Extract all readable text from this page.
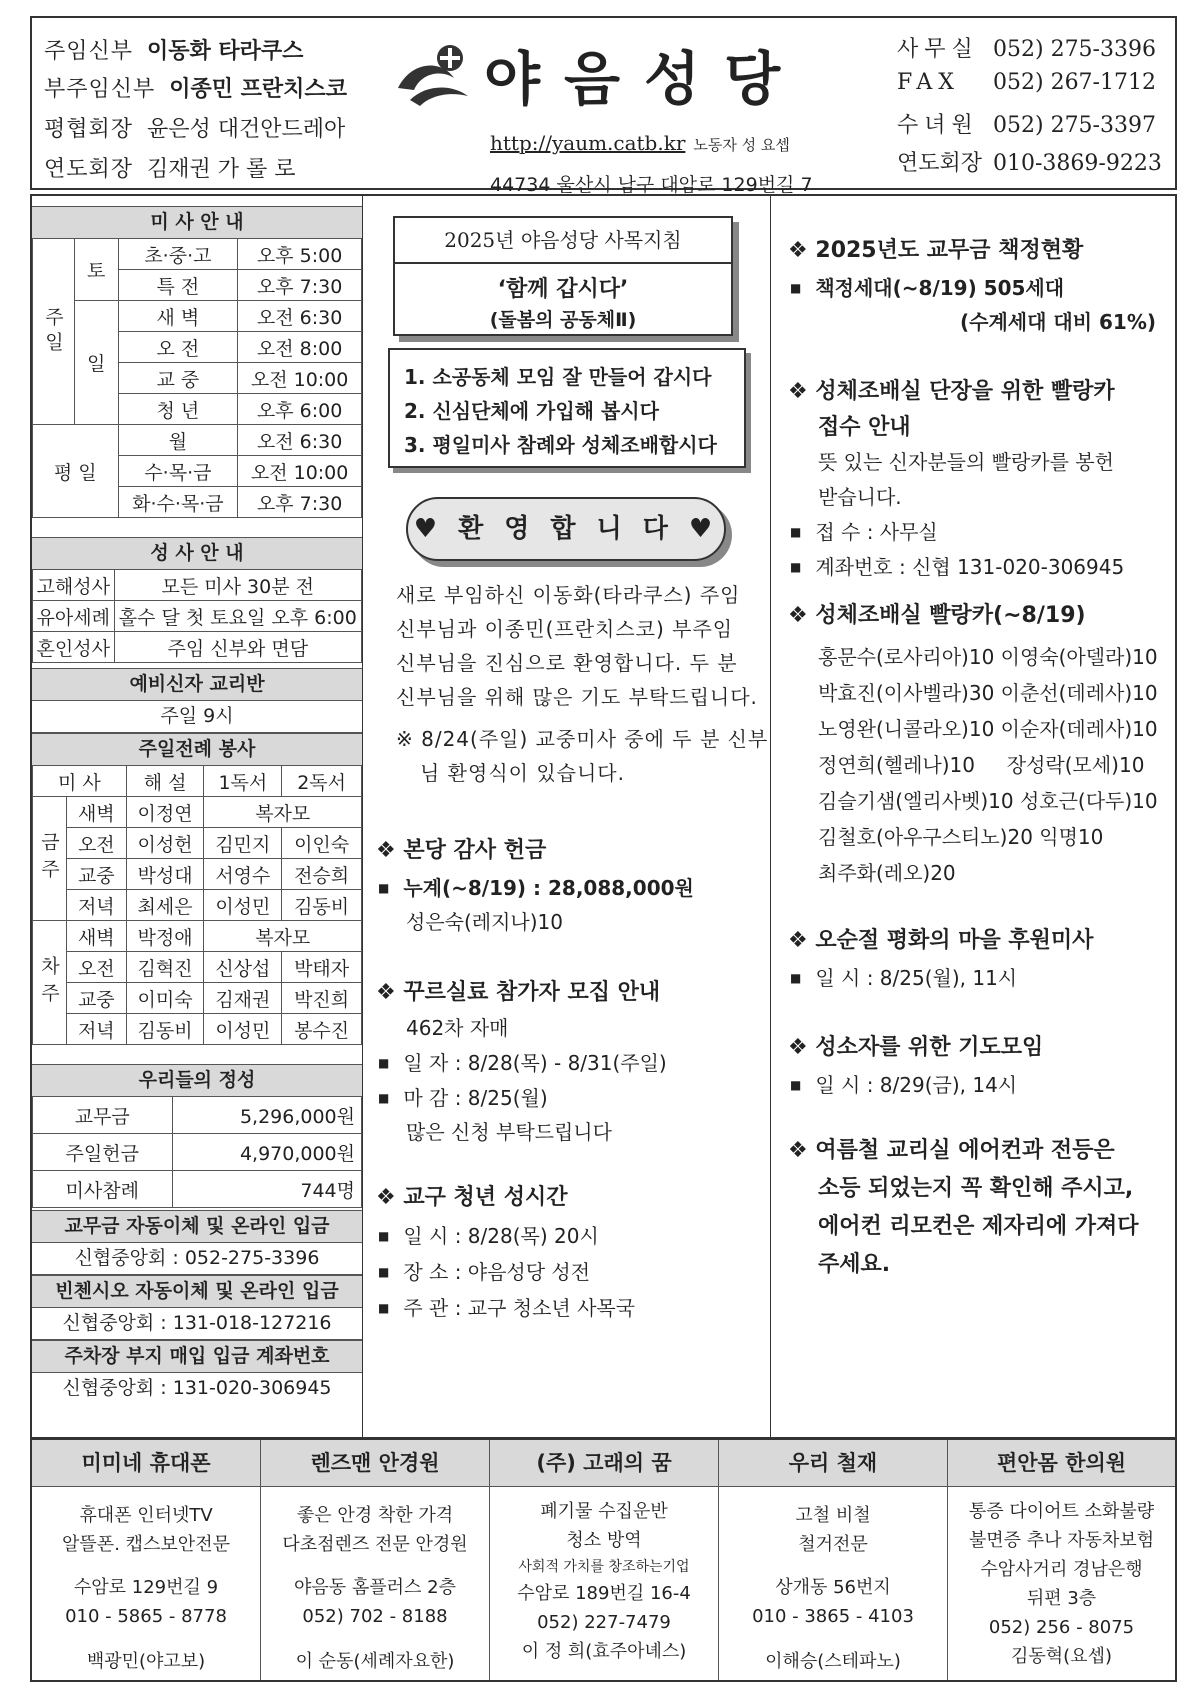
주임신부 이동화 타라쿠스
부주임신부 이종민 프란치스코
평협회장 윤은성 대건안드레아
연도회장 김재권 가 롤 로
야음성당
http://yaum.catb.kr 노동자 성 요셉
44734 울산시 남구 대암로 129번길 7
사무실 052) 275-3396
FAX 052) 267-1712
수녀원 052) 275-3397
연도회장 010-3869-9223
미 사 안 내
주일	토	초·중·고	오후 5:00
		특 전	오후 7:30
	일	새 벽	오전 6:30
		오 전	오전 8:00
		교 중	오전 10:00
		청 년	오후 6:00
평 일		월	오전 6:30
		수·목·금	오전 10:00
		화·수·목·금	오후 7:30
성 사 안 내
고해성사	모든 미사 30분 전
유아세례	홀수 달 첫 토요일 오후 6:00
혼인성사	주임 신부와 면담
예비신자 교리반
주일 9시
주일전례 봉사
미 사		해 설	1독서	2독서
금주	새벽	이정연	복자모	
	오전	이성헌	김민지	이인숙
	교중	박성대	서영수	전승희
	저녁	최세은	이성민	김동비
차주	새벽	박정애	복자모	
	오전	김혁진	신상섭	박태자
	교중	이미숙	김재권	박진희
	저녁	김동비	이성민	봉수진
우리들의 정성
교무금	5,296,000원
주일헌금	4,970,000원
미사참례	744명
교무금 자동이체 및 온라인 입금
신협중앙회 : 052-275-3396
빈첸시오 자동이체 및 온라인 입금
신협중앙회 : 131-018-127216
주차장 부지 매입 입금 계좌번호
신협중앙회 : 131-020-306945
2025년 야음성당 사목지침
‘함께 갑시다’
(돌봄의 공동체Ⅱ)
1. 소공동체 모임 잘 만들어 갑시다
2. 신심단체에 가입해 봅시다
3. 평일미사 참례와 성체조배합시다
♥ 환 영 합 니 다 ♥
새로 부임하신 이동화(타라쿠스) 주임
신부님과 이종민(프란치스코) 부주임
신부님을 진심으로 환영합니다. 두 분
신부님을 위해 많은 기도 부탁드립니다.
※ 8/24(주일) 교중미사 중에 두 분 신부
님 환영식이 있습니다.
❖ 본당 감사 헌금
■ 누계(~8/19) : 28,088,000원
성은숙(레지나)10
❖ 꾸르실료 참가자 모집 안내
462차 자매
■ 일 자 : 8/28(목) - 8/31(주일)
■ 마 감 : 8/25(월)
많은 신청 부탁드립니다
❖ 교구 청년 성시간
■ 일 시 : 8/28(목) 20시
■ 장 소 : 야음성당 성전
■ 주 관 : 교구 청소년 사목국
❖ 2025년도 교무금 책정현황
■ 책정세대(~8/19) 505세대
(수계세대 대비 61%)
❖ 성체조배실 단장을 위한 빨랑카
접수 안내
뜻 있는 신자분들의 빨랑카를 봉헌
받습니다.
■ 접 수 : 사무실
■ 계좌번호 : 신협 131-020-306945
❖ 성체조배실 빨랑카(~8/19)
홍문수(로사리아)10 이영숙(아델라)10
박효진(이사벨라)30 이춘선(데레사)10
노영완(니콜라오)10 이순자(데레사)10
정연희(헬레나)10     장성락(모세)10
김슬기샘(엘리사벳)10 성호근(다두)10
김철호(아우구스티노)20 익명10
최주화(레오)20
❖ 오순절 평화의 마을 후원미사
■ 일 시 : 8/25(월), 11시
❖ 성소자를 위한 기도모임
■ 일 시 : 8/29(금), 14시
❖ 여름철 교리실 에어컨과 전등은
소등 되었는지 꼭 확인해 주시고,
에어컨 리모컨은 제자리에 가져다
주세요.
미미네 휴대폰
휴대폰 인터넷TV
알뜰폰. 캡스보안전문
수암로 129번길 9
010 - 5865 - 8778
백광민(야고보)
렌즈맨 안경원
좋은 안경 착한 가격
다초점렌즈 전문 안경원
야음동 홈플러스 2층
052) 702 - 8188
이 순동(세례자요한)
(주) 고래의 꿈
폐기물 수집운반
청소 방역
사회적 가치를 창조하는기업
수암로 189번길 16-4
052) 227-7479
이 정 희(효주아녜스)
우리 철재
고철 비철
철거전문
상개동 56번지
010 - 3865 - 4103
이해승(스테파노)
편안몸 한의원
통증 다이어트 소화불량
불면증 추나 자동차보험
수암사거리 경남은행
뒤편 3층
052) 256 - 8075
김동혁(요셉)
